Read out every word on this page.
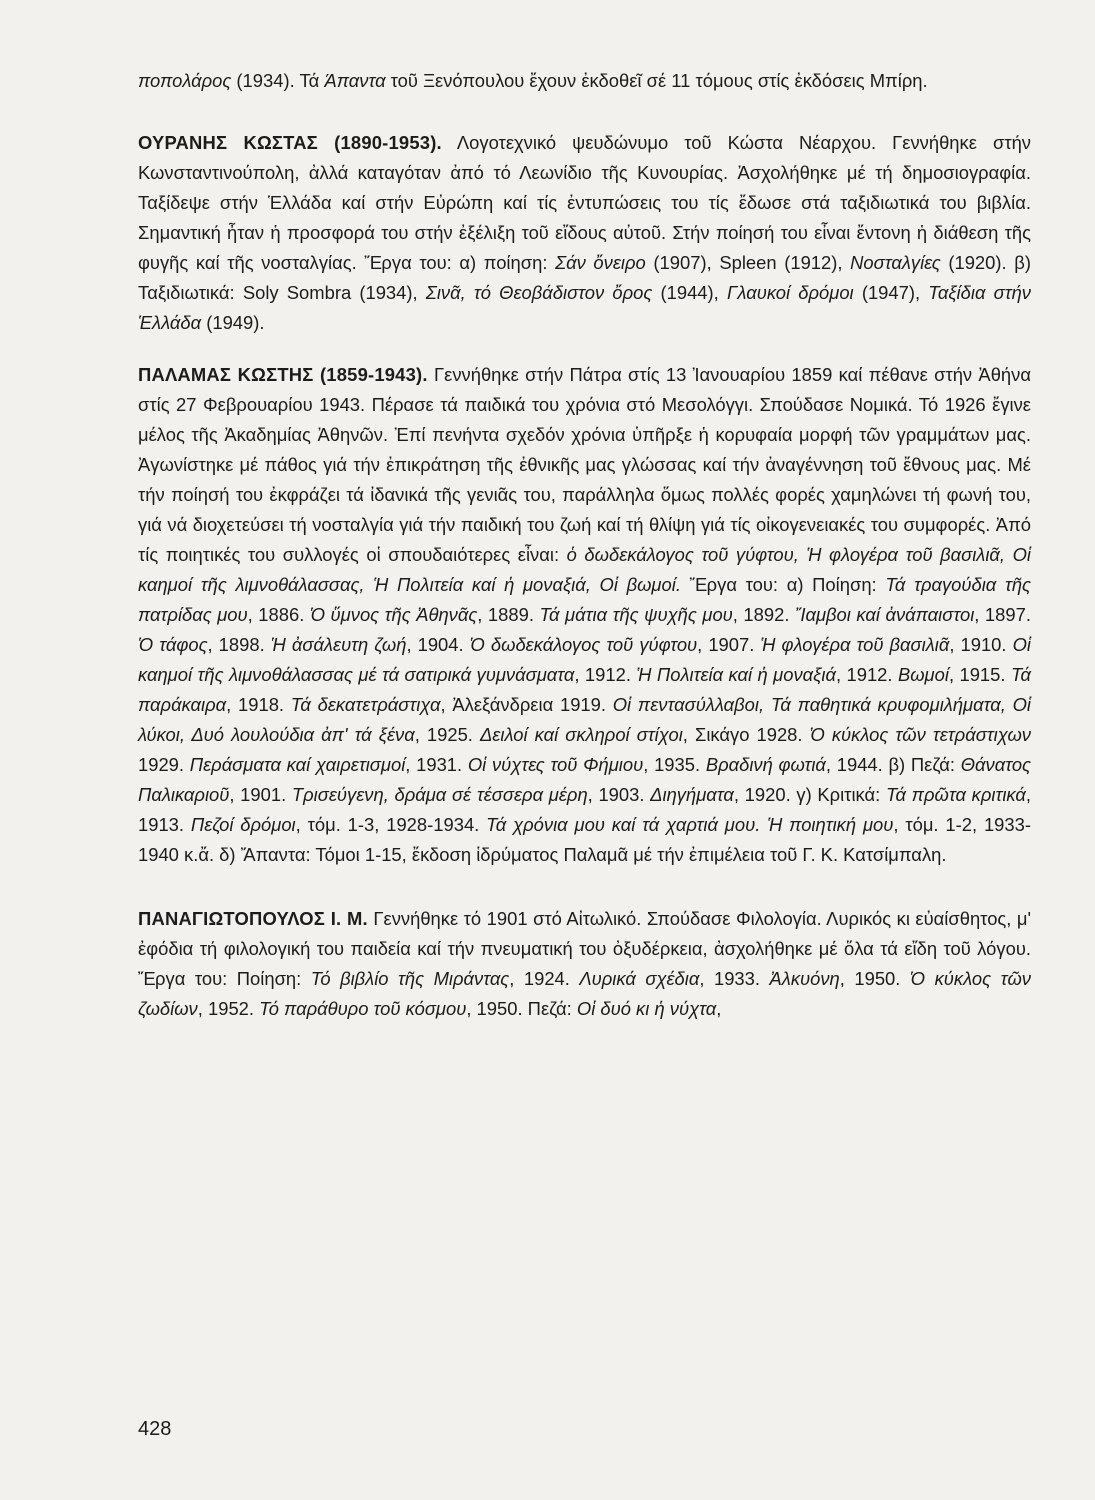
ποπολάρος (1934). Τά Άπαντα τοῦ Ξενόπουλου ἔχουν ἐκδοθεῖ σέ 11 τόμους στίς ἐκδόσεις Μπίρη.

ΟΥΡΑΝΗΣ ΚΩΣΤΑΣ (1890-1953). Λογοτεχνικό ψευδώνυμο τοῦ Κώστα Νέαρχου. Γεννήθηκε στήν Κωνσταντινούπολη, ἀλλά καταγόταν ἀπό τό Λεωνίδιο τῆς Κυνουρίας. Ἀσχολήθηκε μέ τή δημοσιογραφία. Ταξίδεψε στήν Ἑλλάδα καί στήν Εὐρώπη καί τίς ἐντυπώσεις του τίς ἔδωσε στά ταξιδιωτικά του βιβλία. Σημαντική ἦταν ἡ προσφορά του στήν ἐξέλιξη τοῦ εἴδους αὐτοῦ. Στήν ποίησή του εἶναι ἔντονη ἡ διάθεση τῆς φυγῆς καί τῆς νοσταλγίας. Ἔργα του: α) ποίηση: Σάν ὄνειρο (1907), Spleen (1912), Νοσταλγίες (1920). β) Ταξιδιωτικά: Soly Sombra (1934), Σινᾶ, τό Θεοβάδιστον ὄρος (1944), Γλαυκοί δρόμοι (1947), Ταξίδια στήν Ἑλλάδα (1949).

ΠΑΛΑΜΑΣ ΚΩΣΤΗΣ (1859-1943). Γεννήθηκε στήν Πάτρα στίς 13 Ἰανουαρίου 1859 καί πέθανε στήν Ἀθήνα στίς 27 Φεβρουαρίου 1943. Πέρασε τά παιδικά του χρόνια στό Μεσολόγγι. Σπούδασε Νομικά. Τό 1926 ἔγινε μέλος τῆς Ἀκαδημίας Ἀθηνῶν. Ἐπί πενήντα σχεδόν χρόνια ὑπῆρξε ἡ κορυφαία μορφή τῶν γραμμάτων μας. Ἀγωνίστηκε μέ πάθος γιά τήν ἐπικράτηση τῆς ἐθνικῆς μας γλώσσας καί τήν ἀναγέννηση τοῦ ἔθνους μας. Μέ τήν ποίησή του ἐκφράζει τά ἰδανικά τῆς γενιᾶς του, παράλληλα ὅμως πολλές φορές χαμηλώνει τή φωνή του, γιά νά διοχετεύσει τή νοσταλγία γιά τήν παιδική του ζωή καί τή θλίψη γιά τίς οἰκογενειακές του συμφορές. Ἀπό τίς ποιητικές του συλλογές οἱ σπουδαιότερες εἶναι: ὁ δωδεκάλογος τοῦ γύφτου, Ἡ φλογέρα τοῦ βασιλιᾶ, Οἱ καημοί τῆς λιμνοθάλασσας, Ἡ Πολιτεία καί ἡ μοναξιά, Οἱ βωμοί. Ἔργα του: α) Ποίηση: Τά τραγούδια τῆς πατρίδας μου, 1886. Ὁ ὕμνος τῆς Ἀθηνᾶς, 1889. Τά μάτια τῆς ψυχῆς μου, 1892. Ἴαμβοι καί ἀνάπαιστοι, 1897. Ὁ τάφος, 1898. Ἡ ἀσάλευτη ζωή, 1904. Ὁ δωδεκάλογος τοῦ γύφτου, 1907. Ἡ φλογέρα τοῦ βασιλιᾶ, 1910. Οἱ καημοί τῆς λιμνοθάλασσας μέ τά σατιρικά γυμνάσματα, 1912. Ἡ Πολιτεία καί ἡ μοναξιά, 1912. Βωμοί, 1915. Τά παράκαιρα, 1918. Τά δεκατετράστιχα, Ἀλεξάνδρεια 1919. Οἱ πεντασύλλαβοι, Τά παθητικά κρυφομιλήματα, Οἱ λύκοι, Δυό λουλούδια ἀπ' τά ξένα, 1925. Δειλοί καί σκληροί στίχοι, Σικάγο 1928. Ὁ κύκλος τῶν τετράστιχων 1929. Περάσματα καί χαιρετισμοί, 1931. Οἱ νύχτες τοῦ Φήμιου, 1935. Βραδινή φωτιά, 1944. β) Πεζά: Θάνατος Παλικαριοῦ, 1901. Τρισεύγενη, δράμα σέ τέσσερα μέρη, 1903. Διηγήματα, 1920. γ) Κριτικά: Τά πρῶτα κριτικά, 1913. Πεζοί δρόμοι, τόμ. 1-3, 1928-1934. Τά χρόνια μου καί τά χαρτιά μου. Ἡ ποιητική μου, τόμ. 1-2, 1933-1940 κ.ἄ. δ) Ἄπαντα: Τόμοι 1-15, ἔκδοση ἱδρύματος Παλαμᾶ μέ τήν ἐπιμέλεια τοῦ Γ. Κ. Κατσίμπαλη.

ΠΑΝΑΓΙΩΤΟΠΟΥΛΟΣ Ι. Μ. Γεννήθηκε τό 1901 στό Αἰτωλικό. Σπούδασε Φιλολογία. Λυρικός κι εὐαίσθητος, μ' ἐφόδια τή φιλολογική του παιδεία καί τήν πνευματική του ὀξυδέρκεια, ἀσχολήθηκε μέ ὅλα τά εἴδη τοῦ λόγου. Ἔργα του: Ποίηση: Τό βιβλίο τῆς Μιράντας, 1924. Λυρικά σχέδια, 1933. Ἀλκυόνη, 1950. Ὁ κύκλος τῶν ζωδίων, 1952. Τό παράθυρο τοῦ κόσμου, 1950. Πεζά: Οἱ δυό κι ἡ νύχτα,

428
